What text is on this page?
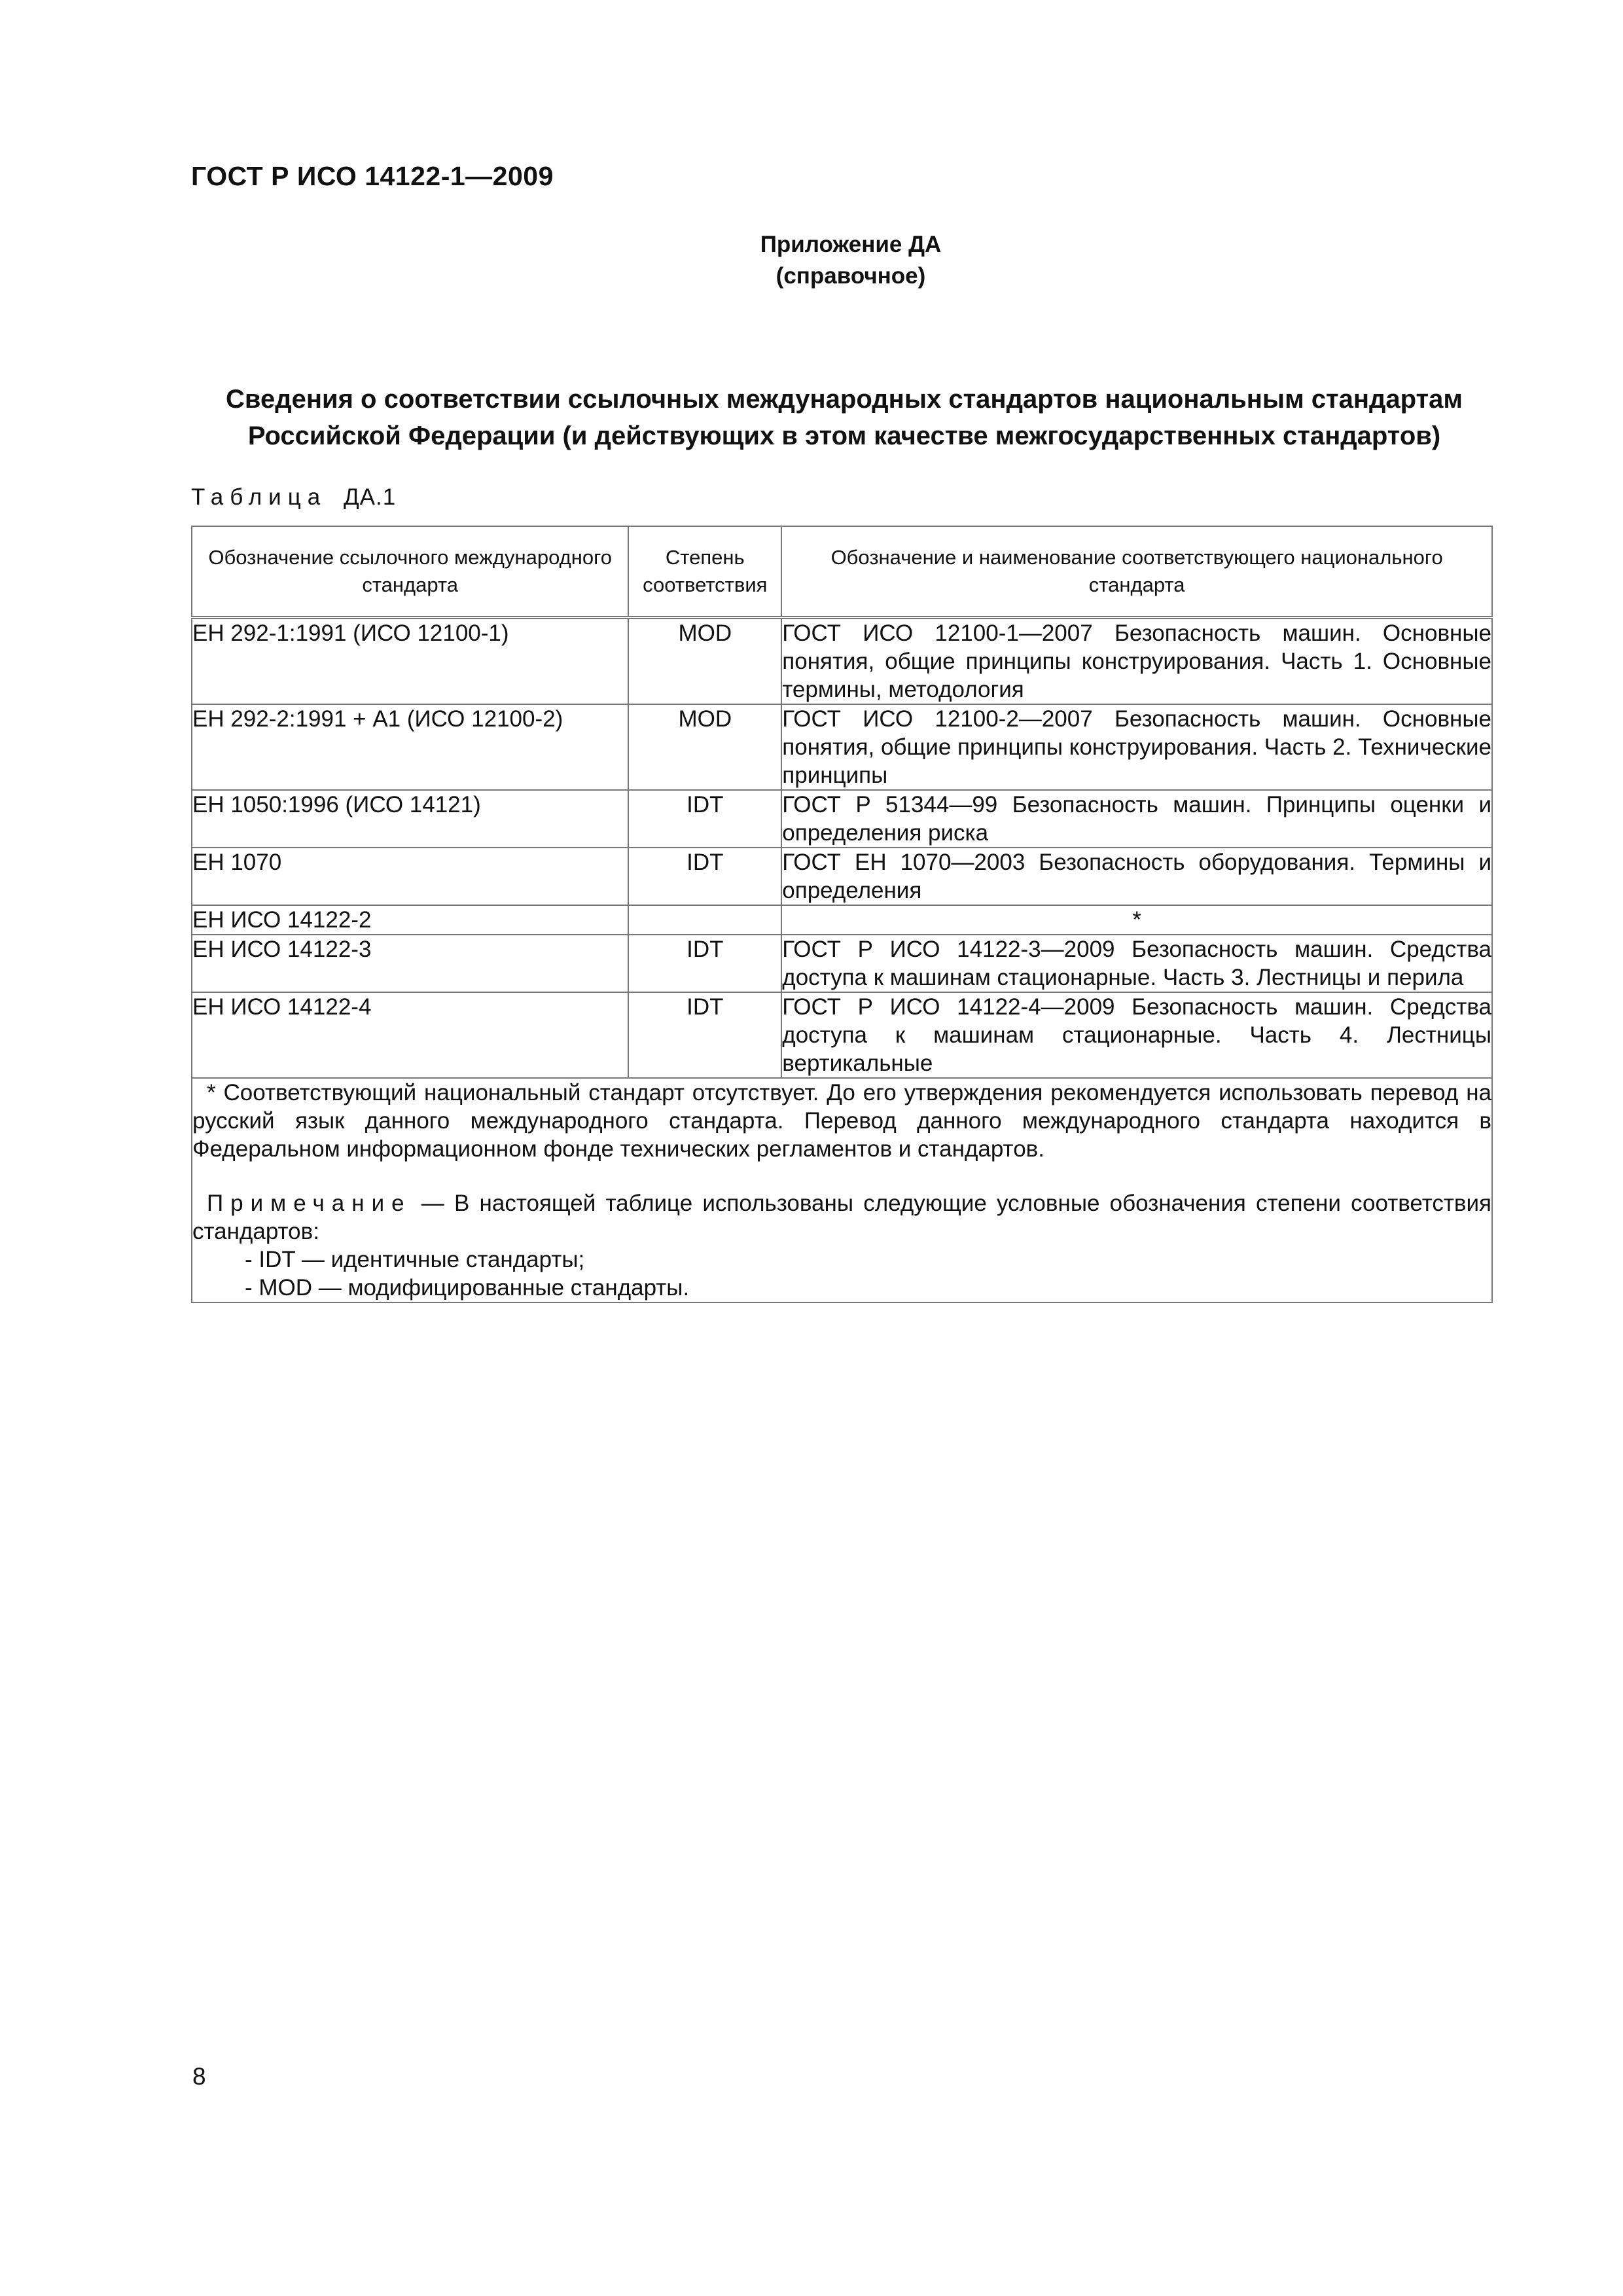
ГОСТ Р ИСО 14122-1—2009
Приложение ДА
(справочное)
Сведения о соответствии ссылочных международных стандартов национальным стандартам
Российской Федерации (и действующих в этом качестве межгосударственных стандартов)
Таблица ДА.1
Обозначение ссылочного международного стандарта	Степень соответствия	Обозначение и наименование соответствующего национального стандарта
ЕН 292-1:1991 (ИСО 12100-1)	MOD	ГОСТ ИСО 12100-1—2007 Безопасность машин. Основные понятия, общие принципы конструирования. Часть 1. Основные термины, методология
ЕН 292-2:1991 + А1 (ИСО 12100-2)	MOD	ГОСТ ИСО 12100-2—2007 Безопасность машин. Основные понятия, общие принципы конструирования. Часть 2. Технические принципы
ЕН 1050:1996 (ИСО 14121)	IDT	ГОСТ Р 51344—99 Безопасность машин. Принципы оценки и определения риска
ЕН 1070	IDT	ГОСТ ЕН 1070—2003 Безопасность оборудования. Термины и определения
ЕН ИСО 14122-2		*
ЕН ИСО 14122-3	IDT	ГОСТ Р ИСО 14122-3—2009 Безопасность машин. Средства доступа к машинам стационарные. Часть 3. Лестницы и перила
ЕН ИСО 14122-4	IDT	ГОСТ Р ИСО 14122-4—2009 Безопасность машин. Средства доступа к машинам стационарные. Часть 4. Лестницы вертикальные

* Соответствующий национальный стандарт отсутствует. До его утверждения рекомендуется использовать перевод на русский язык данного международного стандарта. Перевод данного международного стандарта находится в Федеральном информационном фонде технических регламентов и стандартов.
Примечание — В настоящей таблице использованы следующие условные обозначения степени соответствия стандартов:
- IDT — идентичные стандарты;
- MOD — модифицированные стандарты.		
8
